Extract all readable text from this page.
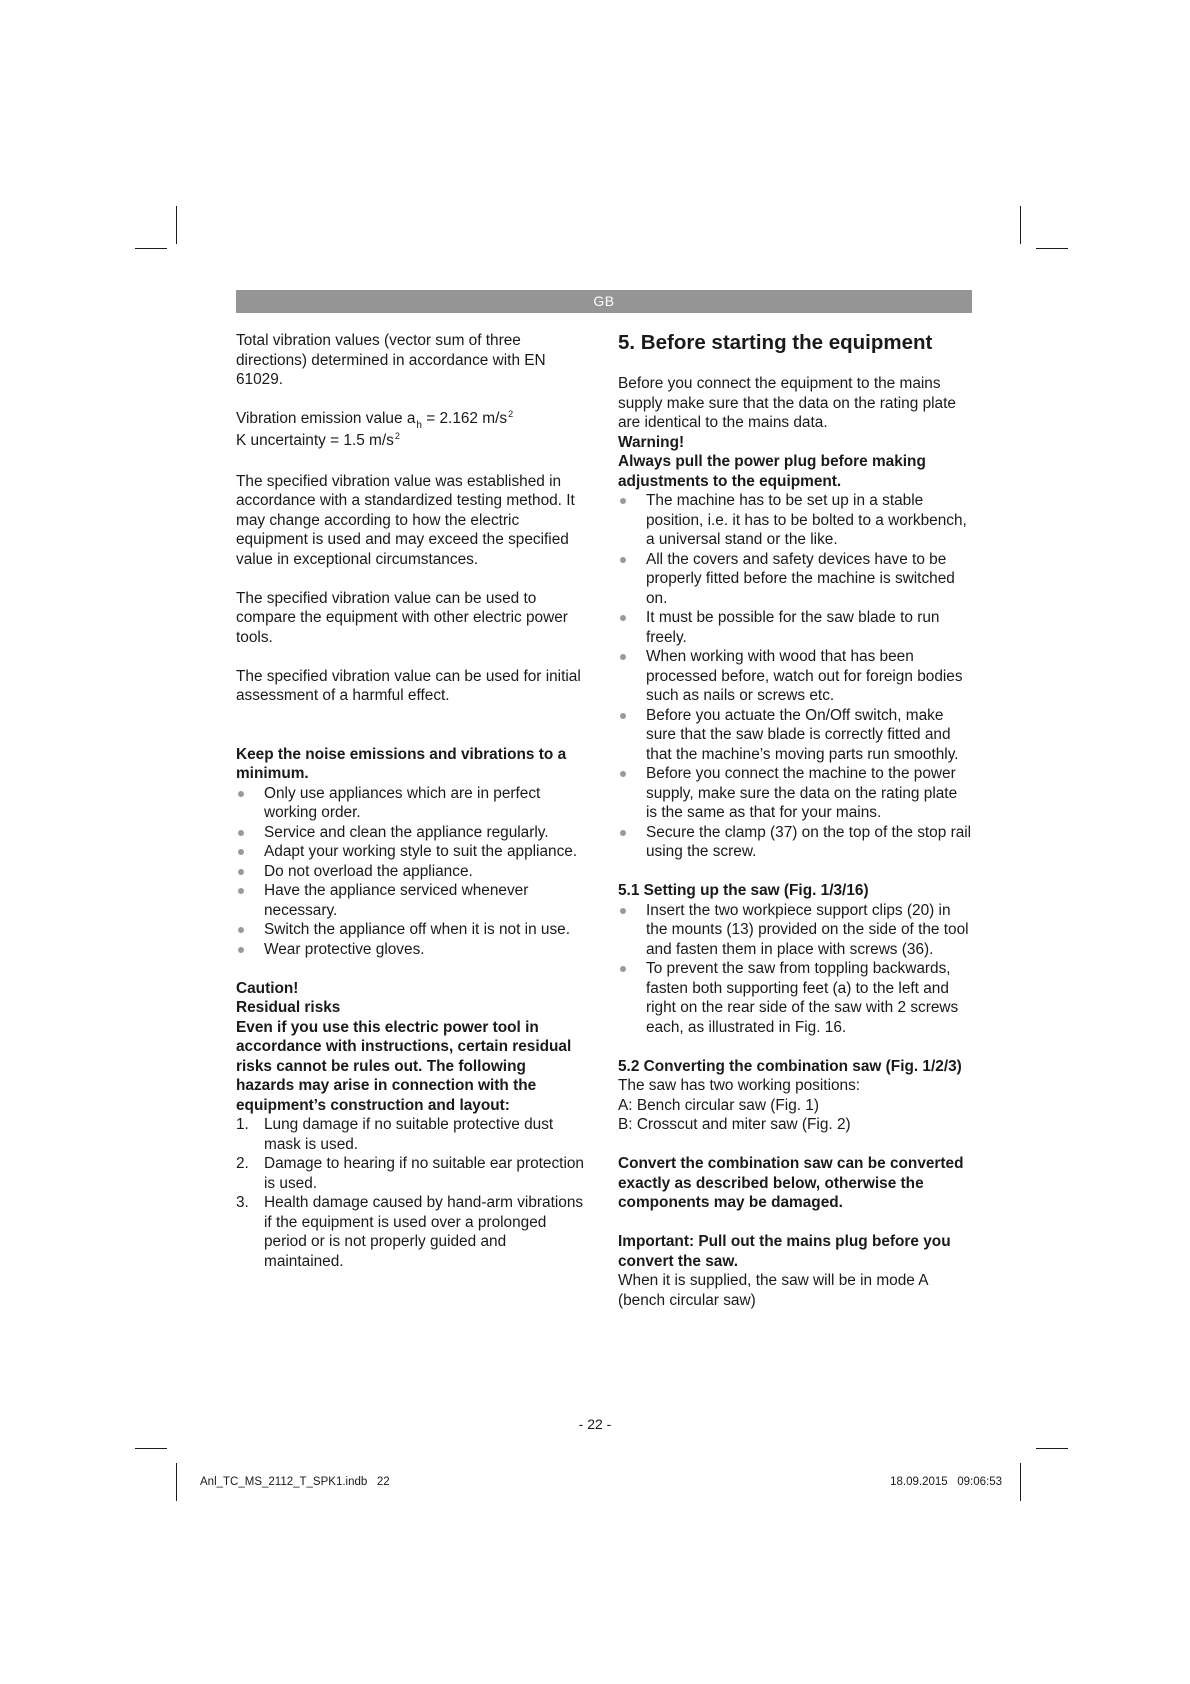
GB

Total vibration values (vector sum of three directions) determined in accordance with EN 61029.

Vibration emission value $a_h = 2.162$ $m/s^2$

K uncertainty = 1.5 $m/s^2$

The specified vibration value was established in accordance with a standardized testing method. It may change according to how the electric equipment is used and may exceed the specified value in exceptional circumstances.

The specified vibration value can be used to compare the equipment with other electric power tools.

The specified vibration value can be used for initial assessment of a harmful effect.

Keep the noise emissions and vibrations to a minimum.

Only use appliances which are in perfect working order.
Service and clean the appliance regularly.
Adapt your working style to suit the appliance.
Do not overload the appliance.
Have the appliance serviced whenever necessary.
Switch the appliance off when it is not in use.
Wear protective gloves.

Caution!

Residual risks

Even if you use this electric power tool in accordance with instructions, certain residual risks cannot be rules out. The following hazards may arise in connection with the equipment’s construction and layout:

1. Lung damage if no suitable protective dust mask is used.
2. Damage to hearing if no suitable ear protection is used.
3. Health damage caused by hand-arm vibrations if the equipment is used over a prolonged period or is not properly guided and maintained.
5. Before starting the equipment

Before you connect the equipment to the mains supply make sure that the data on the rating plate are identical to the mains data.

Warning!

Always pull the power plug before making adjustments to the equipment.

The machine has to be set up in a stable position, i.e. it has to be bolted to a workbench, a universal stand or the like.
All the covers and safety devices have to be properly fitted before the machine is switched on.
It must be possible for the saw blade to run freely.
When working with wood that has been processed before, watch out for foreign bodies such as nails or screws etc.
Before you actuate the On/Off switch, make sure that the saw blade is correctly fitted and that the machine’s moving parts run smoothly.
Before you connect the machine to the power supply, make sure the data on the rating plate is the same as that for your mains.
Secure the clamp (37) on the top of the stop rail using the screw.
5.1 Setting up the saw (Fig. 1/3/16)
Insert the two workpiece support clips (20) in the mounts (13) provided on the side of the tool and fasten them in place with screws (36).
To prevent the saw from toppling backwards, fasten both supporting feet (a) to the left and right on the rear side of the saw with 2 screws each, as illustrated in Fig. 16.
5.2 Converting the combination saw (Fig. 1/2/3)

The saw has two working positions:

A: Bench circular saw (Fig. 1)

B: Crosscut and miter saw (Fig. 2)

Convert the combination saw can be converted exactly as described below, otherwise the components may be damaged.

Important: Pull out the mains plug before you convert the saw.

When it is supplied, the saw will be in mode A (bench circular saw)

- 22 -
Anl_TC_MS_2112_T_SPK1.indb   22	18.09.2015   09:06:53
